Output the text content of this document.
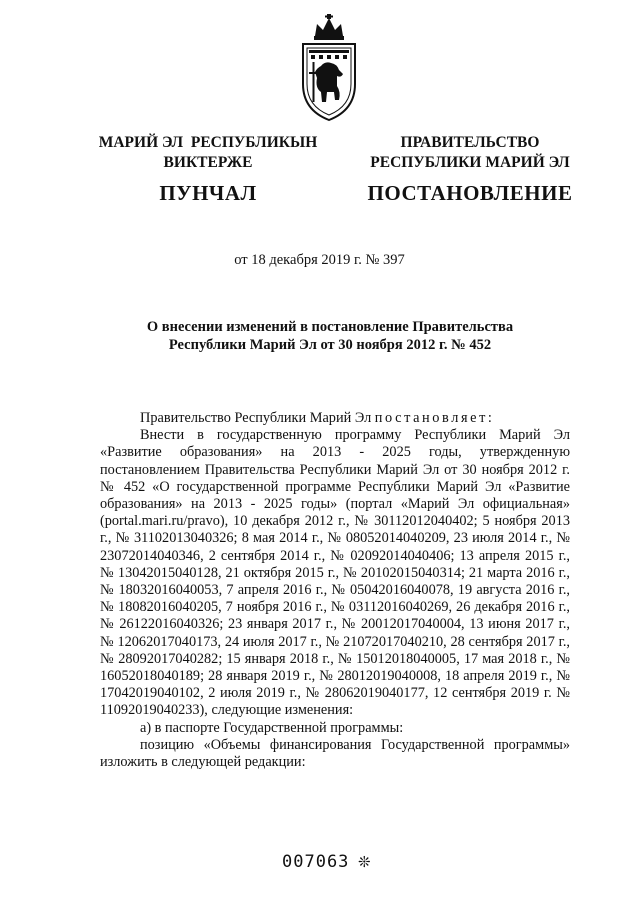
МАРИЙ ЭЛ  РЕСПУБЛИКЫН
ВИКТЕРЖЕ
ПУНЧАЛ
ПРАВИТЕЛЬСТВО
РЕСПУБЛИКИ МАРИЙ ЭЛ
ПОСТАНОВЛЕНИЕ
от 18 декабря 2019 г. № 397
О внесении изменений в постановление Правительства
Республики Марий Эл от 30 ноября 2012 г. № 452

Правительство Республики Марий Эл постановляет:

Внести в государственную программу Республики Марий Эл «Развитие образования» на 2013 - 2025 годы, утвержденную постановлением Правительства Республики Марий Эл от 30 ноября 2012 г. № 452 «О государственной программе Республики Марий Эл «Развитие образования» на 2013 - 2025 годы» (портал «Марий Эл официальная» (portal.mari.ru/pravo), 10 декабря 2012 г., № 30112012040402; 5 ноября 2013 г., № 31102013040326; 8 мая 2014 г., № 08052014040209, 23 июля 2014 г., № 23072014040346, 2 сентября 2014 г., № 02092014040406; 13 апреля 2015 г., № 13042015040128, 21 октября 2015 г., № 20102015040314; 21 марта 2016 г., № 18032016040053, 7 апреля 2016 г., № 05042016040078, 19 августа 2016 г., № 18082016040205, 7 ноября 2016 г., № 03112016040269, 26 декабря 2016 г., № 26122016040326; 23 января 2017 г., № 20012017040004, 13 июня 2017 г., № 12062017040173, 24 июля 2017 г., № 21072017040210, 28 сентября 2017 г., № 28092017040282; 15 января 2018 г., № 15012018040005, 17 мая 2018 г., № 16052018040189; 28 января 2019 г., № 28012019040008, 18 апреля 2019 г., № 17042019040102, 2 июля 2019 г., № 28062019040177, 12 сентября 2019 г. № 11092019040233), следующие изменения:

а) в паспорте Государственной программы:

позицию «Объемы финансирования Государственной программы» изложить в следующей редакции:

007063 ❊
